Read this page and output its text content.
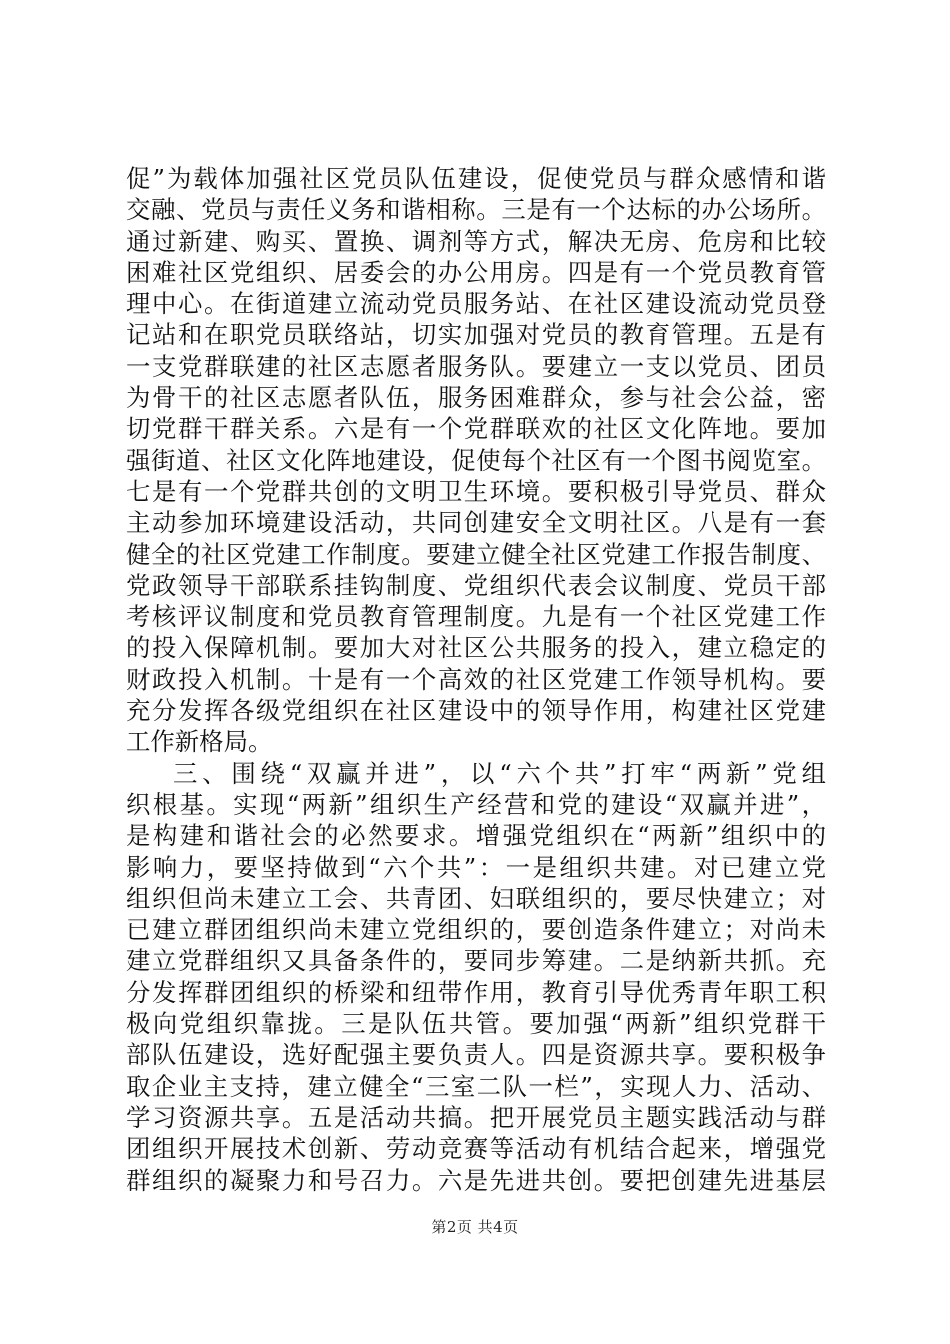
促”为载体加强社区党员队伍建设，促使党员与群众感情和谐
交融、党员与责任义务和谐相称。三是有一个达标的办公场所。
通过新建、购买、置换、调剂等方式，解决无房、危房和比较
困难社区党组织、居委会的办公用房。四是有一个党员教育管
理中心。在街道建立流动党员服务站、在社区建设流动党员登
记站和在职党员联络站，切实加强对党员的教育管理。五是有
一支党群联建的社区志愿者服务队。要建立一支以党员、团员
为骨干的社区志愿者队伍，服务困难群众，参与社会公益，密
切党群干群关系。六是有一个党群联欢的社区文化阵地。要加
强街道、社区文化阵地建设，促使每个社区有一个图书阅览室。
七是有一个党群共创的文明卫生环境。要积极引导党员、群众
主动参加环境建设活动，共同创建安全文明社区。八是有一套
健全的社区党建工作制度。要建立健全社区党建工作报告制度、
党政领导干部联系挂钩制度、党组织代表会议制度、党员干部
考核评议制度和党员教育管理制度。九是有一个社区党建工作
的投入保障机制。要加大对社区公共服务的投入，建立稳定的
财政投入机制。十是有一个高效的社区党建工作领导机构。要
充分发挥各级党组织在社区建设中的领导作用，构建社区党建
工作新格局。
三、围绕“双赢并进”，以“六个共”打牢“两新”党组
织根基。实现“两新”组织生产经营和党的建设“双赢并进”，
是构建和谐社会的必然要求。增强党组织在“两新”组织中的
影响力，要坚持做到“六个共”：一是组织共建。对已建立党
组织但尚未建立工会、共青团、妇联组织的，要尽快建立；对
已建立群团组织尚未建立党组织的，要创造条件建立；对尚未
建立党群组织又具备条件的，要同步筹建。二是纳新共抓。充
分发挥群团组织的桥梁和纽带作用，教育引导优秀青年职工积
极向党组织靠拢。三是队伍共管。要加强“两新”组织党群干
部队伍建设，选好配强主要负责人。四是资源共享。要积极争
取企业主支持，建立健全“三室二队一栏”，实现人力、活动、
学习资源共享。五是活动共搞。把开展党员主题实践活动与群
团组织开展技术创新、劳动竞赛等活动有机结合起来，增强党
群组织的凝聚力和号召力。六是先进共创。要把创建先进基层
第2页 共4页
